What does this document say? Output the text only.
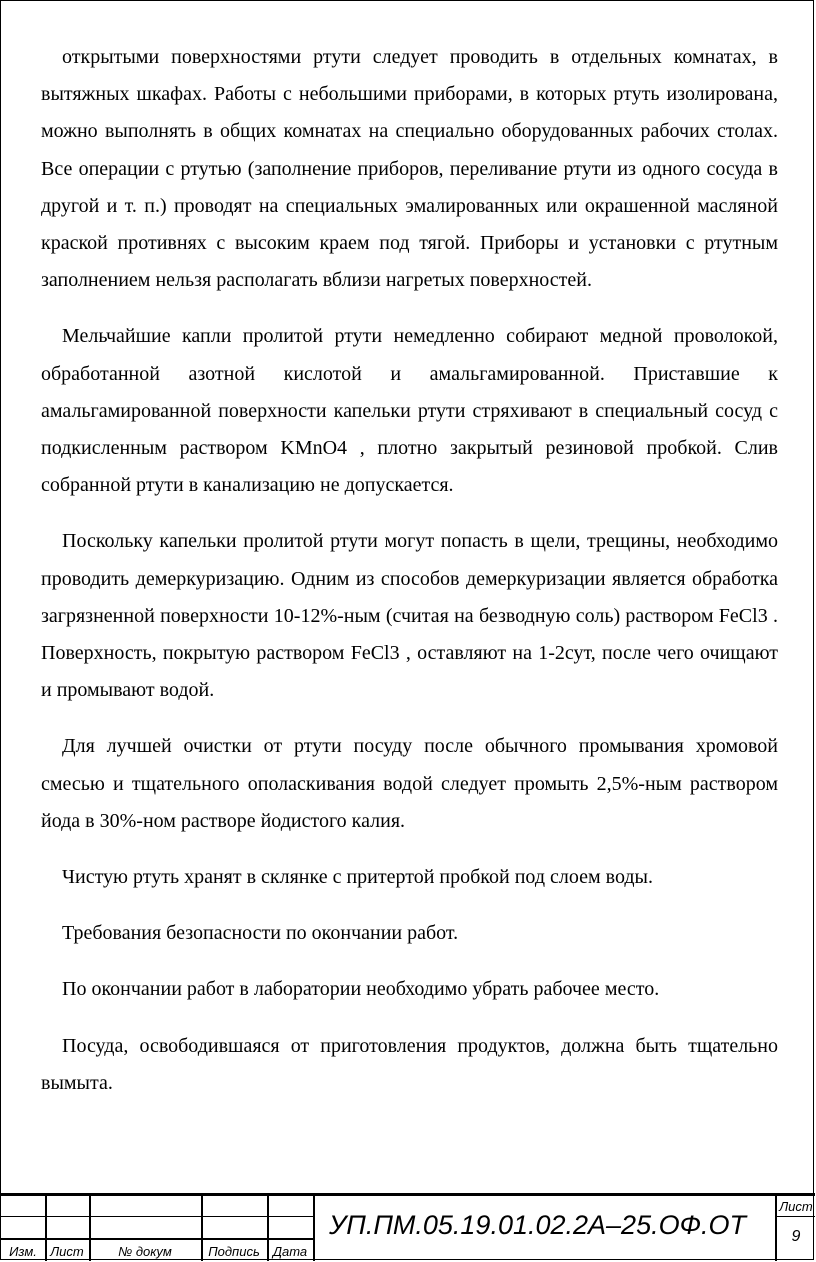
открытыми поверхностями ртути следует проводить в отдельных комнатах, в вытяжных шкафах. Работы с небольшими приборами, в которых ртуть изолирована, можно выполнять в общих комнатах на специально оборудованных рабочих столах. Все операции с ртутью (заполнение приборов, переливание ртути из одного сосуда в другой и т. п.) проводят на специальных эмалированных или окрашенной масляной краской противнях с высоким краем под тягой. Приборы и установки с ртутным заполнением нельзя располагать вблизи нагретых поверхностей.

Мельчайшие капли пролитой ртути немедленно собирают медной проволокой, обработанной азотной кислотой и амальгамированной. Приставшие к амальгамированной поверхности капельки ртути стряхивают в специальный сосуд с подкисленным раствором KMnO4 , плотно закрытый резиновой пробкой. Слив собранной ртути в канализацию не допускается.

Поскольку капельки пролитой ртути могут попасть в щели, трещины, необходимо проводить демеркуризацию. Одним из способов демеркуризации является обработка загрязненной поверхности 10-12%-ным (считая на безводную соль) раствором FeCl3 . Поверхность, покрытую раствором FeCl3 , оставляют на 1-2сут, после чего очищают и промывают водой.

Для лучшей очистки от ртути посуду после обычного промывания хромовой смесью и тщательного ополаскивания водой следует промыть 2,5%-ным раствором йода в 30%-ном растворе йодистого калия.

Чистую ртуть хранят в склянке с притертой пробкой под слоем воды.

Требования безопасности по окончании работ.

По окончании работ в лаборатории необходимо убрать рабочее место.

Посуда, освободившаяся от приготовления продуктов, должна быть тщательно вымыта.

Изм.	Лист	№ докум	Подпись	Дата
УП.ПМ.05.19.01.02.2А–25.ОФ.ОТ
Лист
9
